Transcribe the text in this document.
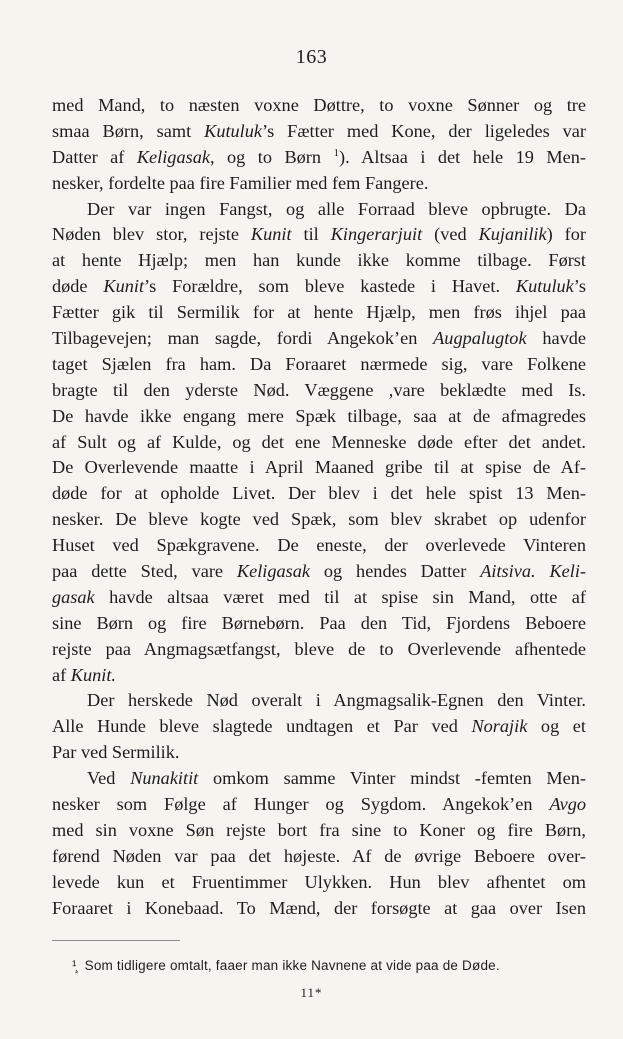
163
med Mand, to næsten voxne Døttre, to voxne Sønner og tre
smaa Børn, samt Kutuluk’s Fætter med Kone, der ligeledes var
Datter af Keligasak, og to Børn $^1$). Altsaa i det hele 19 Men-
nesker, fordelte paa fire Familier med fem Fangere.
Der var ingen Fangst, og alle Forraad bleve opbrugte. Da
Nøden blev stor, rejste Kunit til Kingerarjuit (ved Kujanilik) for
at hente Hjælp; men han kunde ikke komme tilbage. Først
døde Kunit’s Forældre, som bleve kastede i Havet. Kutuluk’s
Fætter gik til Sermilik for at hente Hjælp, men frøs ihjel paa
Tilbagevejen; man sagde, fordi Angekok’en Augpalugtok havde
taget Sjælen fra ham. Da Foraaret nærmede sig, vare Folkene
bragte til den yderste Nød. Væggene ,vare beklædte med Is.
De havde ikke engang mere Spæk tilbage, saa at de afmagredes
af Sult og af Kulde, og det ene Menneske døde efter det andet.
De Overlevende maatte i April Maaned gribe til at spise de Af-
døde for at opholde Livet. Der blev i det hele spist 13 Men-
nesker. De bleve kogte ved Spæk, som blev skrabet op udenfor
Huset ved Spækgravene. De eneste, der overlevede Vinteren
paa dette Sted, vare Keligasak og hendes Datter Aitsiva. Keli-
gasak havde altsaa været med til at spise sin Mand, otte af
sine Børn og fire Børnebørn. Paa den Tid, Fjordens Beboere
rejste paa Angmagsætfangst, bleve de to Overlevende afhentede
af Kunit.
Der herskede Nød overalt i Angmagsalik-Egnen den Vinter.
Alle Hunde bleve slagtede undtagen et Par ved Norajik og et
Par ved Sermilik.
Ved Nunakitit omkom samme Vinter mindst -femten Men-
nesker som Følge af Hunger og Sygdom. Angekok’en Avgo
med sin voxne Søn rejste bort fra sine to Koner og fire Børn,
førend Nøden var paa det højeste. Af de øvrige Beboere over-
levede kun et Fruentimmer Ulykken. Hun blev afhentet om
Foraaret i Konebaad. To Mænd, der forsøgte at gaa over Isen
¹̧ Som tidligere omtalt, faaer man ikke Navnene at vide paa de Døde.
11*
